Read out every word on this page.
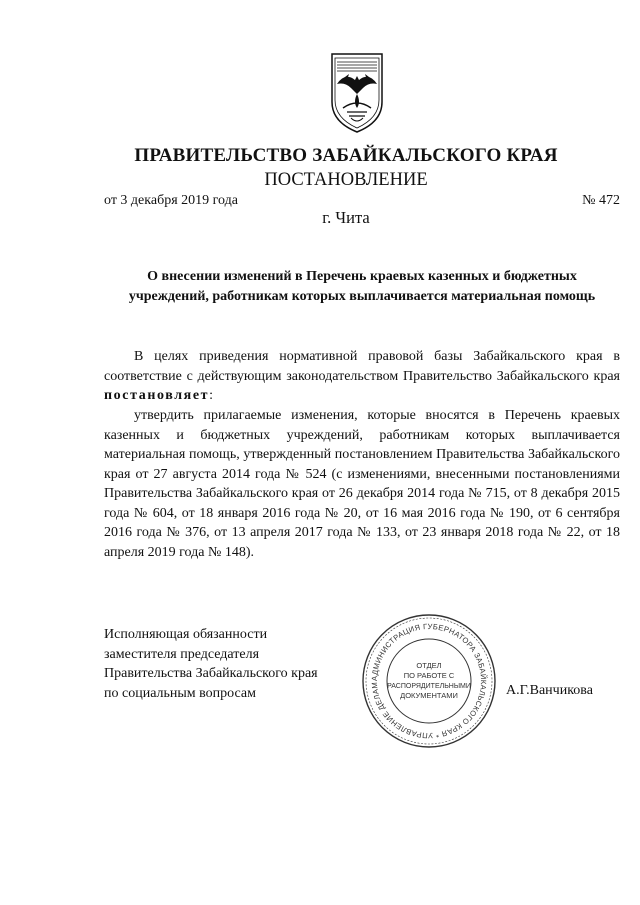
ПРАВИТЕЛЬСТВО ЗАБАЙКАЛЬСКОГО КРАЯ
ПОСТАНОВЛЕНИЕ
от 3 декабря 2019 года	№ 472
г. Чита
О внесении изменений в Перечень краевых казенных и бюджетных
учреждений, работникам которых выплачивается материальная помощь
В целях приведения нормативной правовой базы Забайкальского края в соответствие с действующим законодательством Правительство Забайкальского края постановляет:
утвердить прилагаемые изменения, которые вносятся в Перечень краевых казенных и бюджетных учреждений, работникам которых выплачивается материальная помощь, утвержденный постановлением Правительства Забайкальского края от 27 августа 2014 года № 524 (с изменениями, внесенными постановлениями Правительства Забайкальского края от 26 декабря 2014 года № 715, от 8 декабря 2015 года № 604, от 18 января 2016 года № 20, от 16 мая 2016 года № 190, от 6 сентября 2016 года № 376, от 13 апреля 2017 года № 133, от 23 января 2018 года № 22, от 18 апреля 2019 года № 148).
Исполняющая обязанности
заместителя председателя
Правительства Забайкальского края
по социальным вопросам
АДМИНИСТРАЦИЯ ГУБЕРНАТОРА ЗАБАЙКАЛЬСКОГО КРАЯ * УПРАВЛЕНИЕ ДЕЛАМ
ОТДЕЛ
ПО РАБОТЕ С
РАСПОРЯДИТЕЛЬНЫМИ
ДОКУМЕНТАМИ	А.Г.Ванчикова
